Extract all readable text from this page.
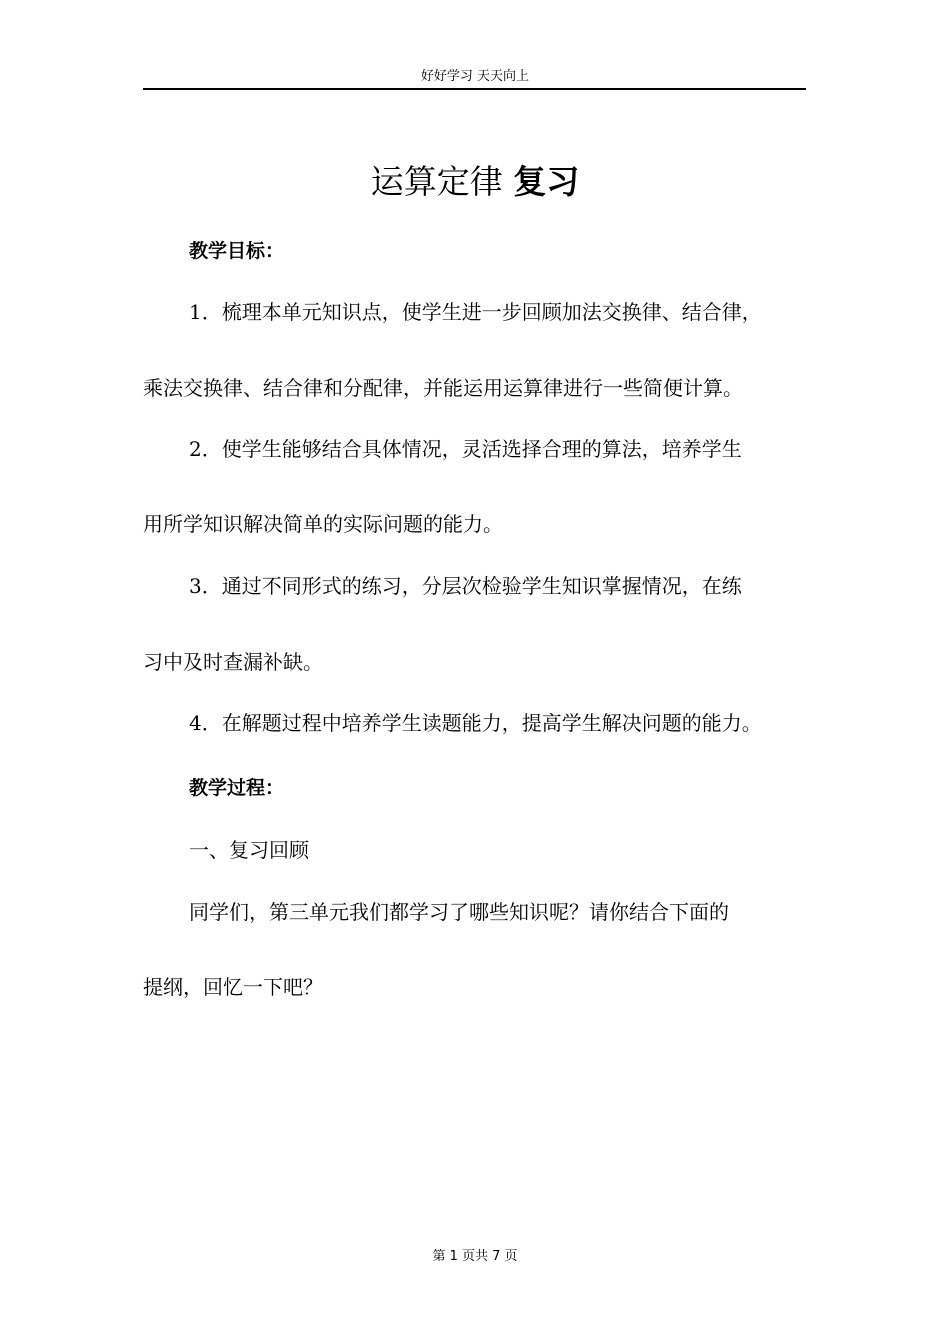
好好学习 天天向上
运算定律 复习
教学目标：
1．梳理本单元知识点，使学生进一步回顾加法交换律、结合律，
乘法交换律、结合律和分配律，并能运用运算律进行一些简便计算。
2．使学生能够结合具体情况，灵活选择合理的算法，培养学生
用所学知识解决简单的实际问题的能力。
3．通过不同形式的练习，分层次检验学生知识掌握情况，在练
习中及时查漏补缺。
4．在解题过程中培养学生读题能力，提高学生解决问题的能力。
教学过程：
一、复习回顾
同学们，第三单元我们都学习了哪些知识呢？请你结合下面的
提纲，回忆一下吧？
第 1 页共 7 页
